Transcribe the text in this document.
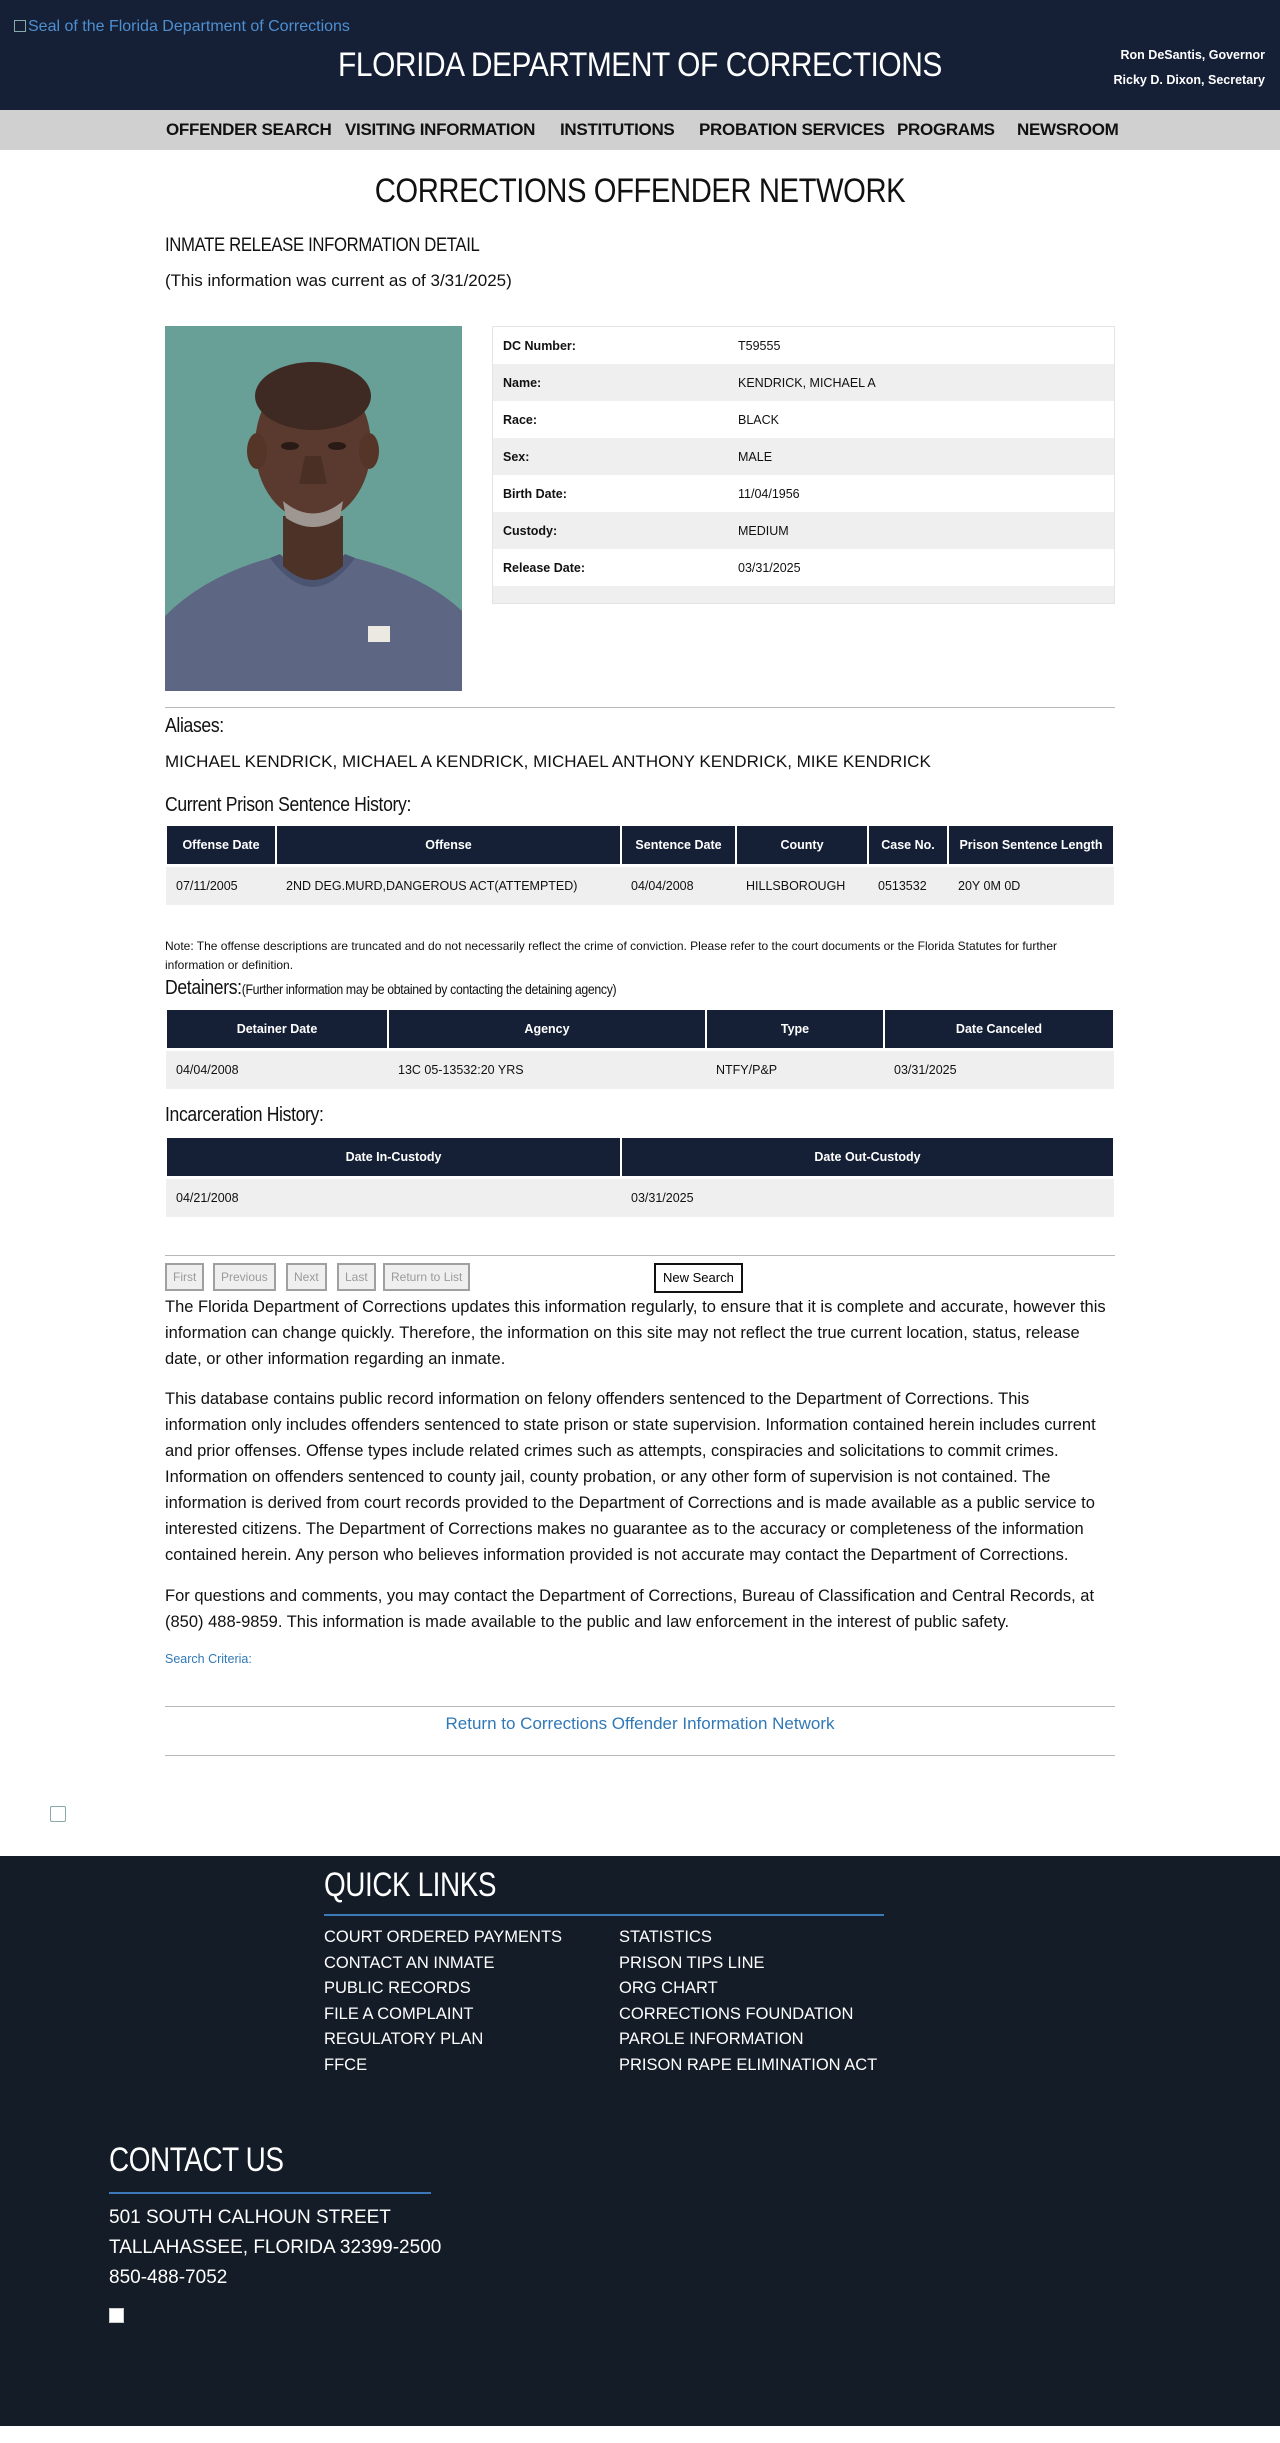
Seal of the Florida Department of Corrections
FLORIDA DEPARTMENT OF CORRECTIONS	Ron DeSantis, Governor
Ricky D. Dixon, Secretary
OFFENDER SEARCH VISITING INFORMATION INSTITUTIONS PROBATION SERVICES PROGRAMS NEWSROOM
CORRECTIONS OFFENDER NETWORK
INMATE RELEASE INFORMATION DETAIL
(This information was current as of 3/31/2025)
DC Number:	T59555
Name:	KENDRICK, MICHAEL A
Race:	BLACK
Sex:	MALE
Birth Date:	11/04/1956
Custody:	MEDIUM
Release Date:	03/31/2025
Aliases:
MICHAEL KENDRICK, MICHAEL A KENDRICK, MICHAEL ANTHONY KENDRICK, MIKE KENDRICK
Current Prison Sentence History:
Offense Date	Offense	Sentence Date	County	Case No.	Prison Sentence Length

07/11/2005	2ND DEG.MURD,DANGEROUS ACT(ATTEMPTED)	04/04/2008	HILLSBOROUGH	0513532	20Y 0M 0D
Note: The offense descriptions are truncated and do not necessarily reflect the crime of conviction. Please refer to the court documents or the Florida Statutes for further information or definition.
Detainers:(Further information may be obtained by contacting the detaining agency)
Detainer Date	Agency	Type	Date Canceled

04/04/2008	13C 05-13532:20 YRS	NTFY/P&P	03/31/2025
Incarceration History:
Date In-Custody	Date Out-Custody

04/21/2008	03/31/2025
First	Previous	Next	Last	Return to List	New Search
The Florida Department of Corrections updates this information regularly, to ensure that it is complete and accurate, however this information can change quickly. Therefore, the information on this site may not reflect the true current location, status, release date, or other information regarding an inmate.
This database contains public record information on felony offenders sentenced to the Department of Corrections. This information only includes offenders sentenced to state prison or state supervision. Information contained herein includes current and prior offenses. Offense types include related crimes such as attempts, conspiracies and solicitations to commit crimes. Information on offenders sentenced to county jail, county probation, or any other form of supervision is not contained. The information is derived from court records provided to the Department of Corrections and is made available as a public service to interested citizens. The Department of Corrections makes no guarantee as to the accuracy or completeness of the information contained herein. Any person who believes information provided is not accurate may contact the Department of Corrections.
For questions and comments, you may contact the Department of Corrections, Bureau of Classification and Central Records, at (850) 488-9859. This information is made available to the public and law enforcement in the interest of public safety.
Search Criteria:
Return to Corrections Offender Information Network
QUICK LINKS
COURT ORDERED PAYMENTS
CONTACT AN INMATE
PUBLIC RECORDS
FILE A COMPLAINT
REGULATORY PLAN
FFCE
STATISTICS
PRISON TIPS LINE
ORG CHART
CORRECTIONS FOUNDATION
PAROLE INFORMATION
PRISON RAPE ELIMINATION ACT
CONTACT US
501 SOUTH CALHOUN STREET
TALLAHASSEE, FLORIDA 32399-2500
850-488-7052
